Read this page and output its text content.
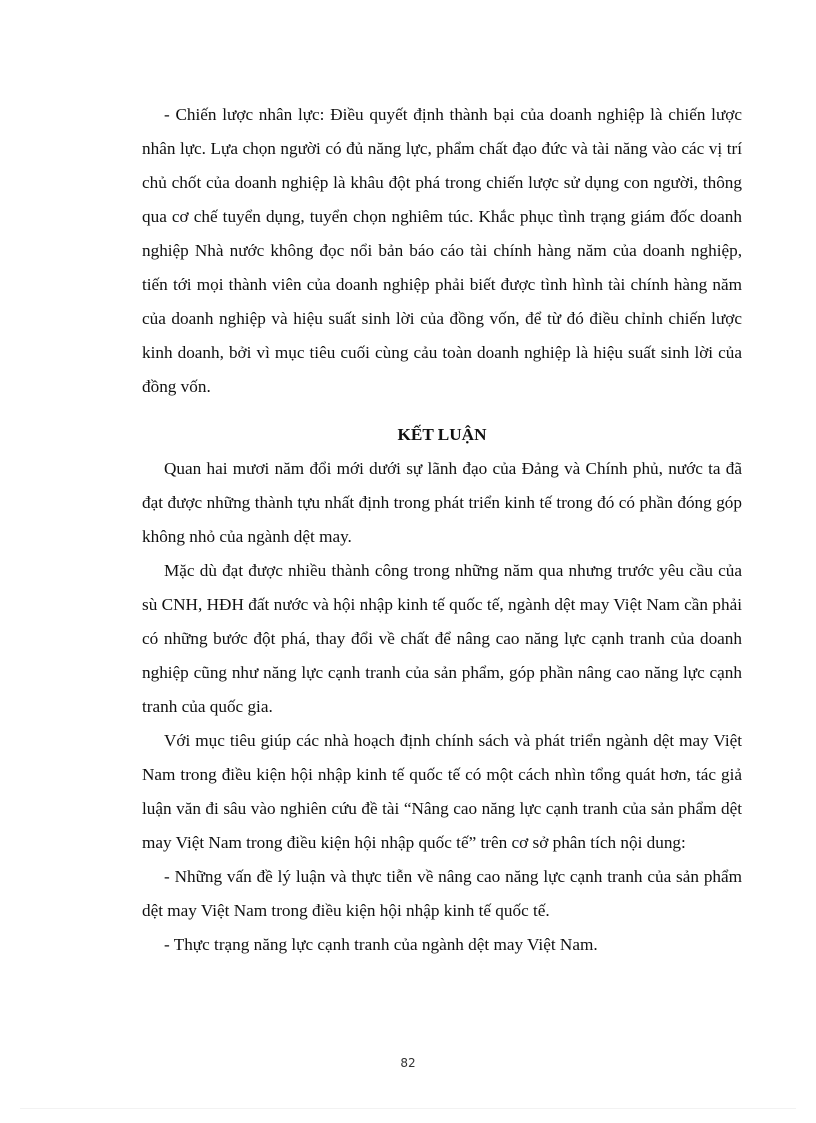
- Chiến lược nhân lực: Điều quyết định thành bại của doanh nghiệp là chiến lược nhân lực. Lựa chọn người có đủ năng lực, phẩm chất đạo đức và tài năng vào các vị trí chủ chốt của doanh nghiệp là khâu đột phá trong chiến lược sử dụng con người, thông qua cơ chế tuyển dụng, tuyển chọn nghiêm túc. Khắc phục tình trạng giám đốc doanh nghiệp Nhà nước không đọc nổi bản báo cáo tài chính hàng năm của doanh nghiệp, tiến tới mọi thành viên của doanh nghiệp phải biết được tình hình tài chính hàng năm của doanh nghiệp và hiệu suất sinh lời của đồng vốn, để từ đó điều chỉnh chiến lược kinh doanh, bởi vì mục tiêu cuối cùng cảu toàn doanh nghiệp là hiệu suất sinh lời của đồng vốn.

KẾT LUẬN

Quan hai mươi năm đổi mới dưới sự lãnh đạo của Đảng và Chính phủ, nước ta đã đạt được những thành tựu nhất định trong phát triển kinh tế trong đó có phần đóng góp không nhỏ của ngành dệt may.

Mặc dù đạt được nhiều thành công trong những năm qua nhưng trước yêu cầu của sù CNH, HĐH đất nước và hội nhập kinh tế quốc tế, ngành dệt may Việt Nam cần phải có những bước đột phá, thay đổi về chất để nâng cao năng lực cạnh tranh của doanh nghiệp cũng như năng lực cạnh tranh của sản phẩm, góp phần nâng cao năng lực cạnh tranh của quốc gia.

Với mục tiêu giúp các nhà hoạch định chính sách và phát triển ngành dệt may Việt Nam trong điều kiện hội nhập kinh tế quốc tế có một cách nhìn tổng quát hơn, tác giả luận văn đi sâu vào nghiên cứu đề tài “Nâng cao năng lực cạnh tranh của sản phẩm dệt may Việt Nam trong điều kiện hội nhập quốc tế” trên cơ sở phân tích nội dung:

- Những vấn đề lý luận và thực tiễn về nâng cao năng lực cạnh tranh của sản phẩm dệt may Việt Nam trong điều kiện hội nhập kinh tế quốc tế.

- Thực trạng năng lực cạnh tranh của ngành dệt may Việt Nam.

82
